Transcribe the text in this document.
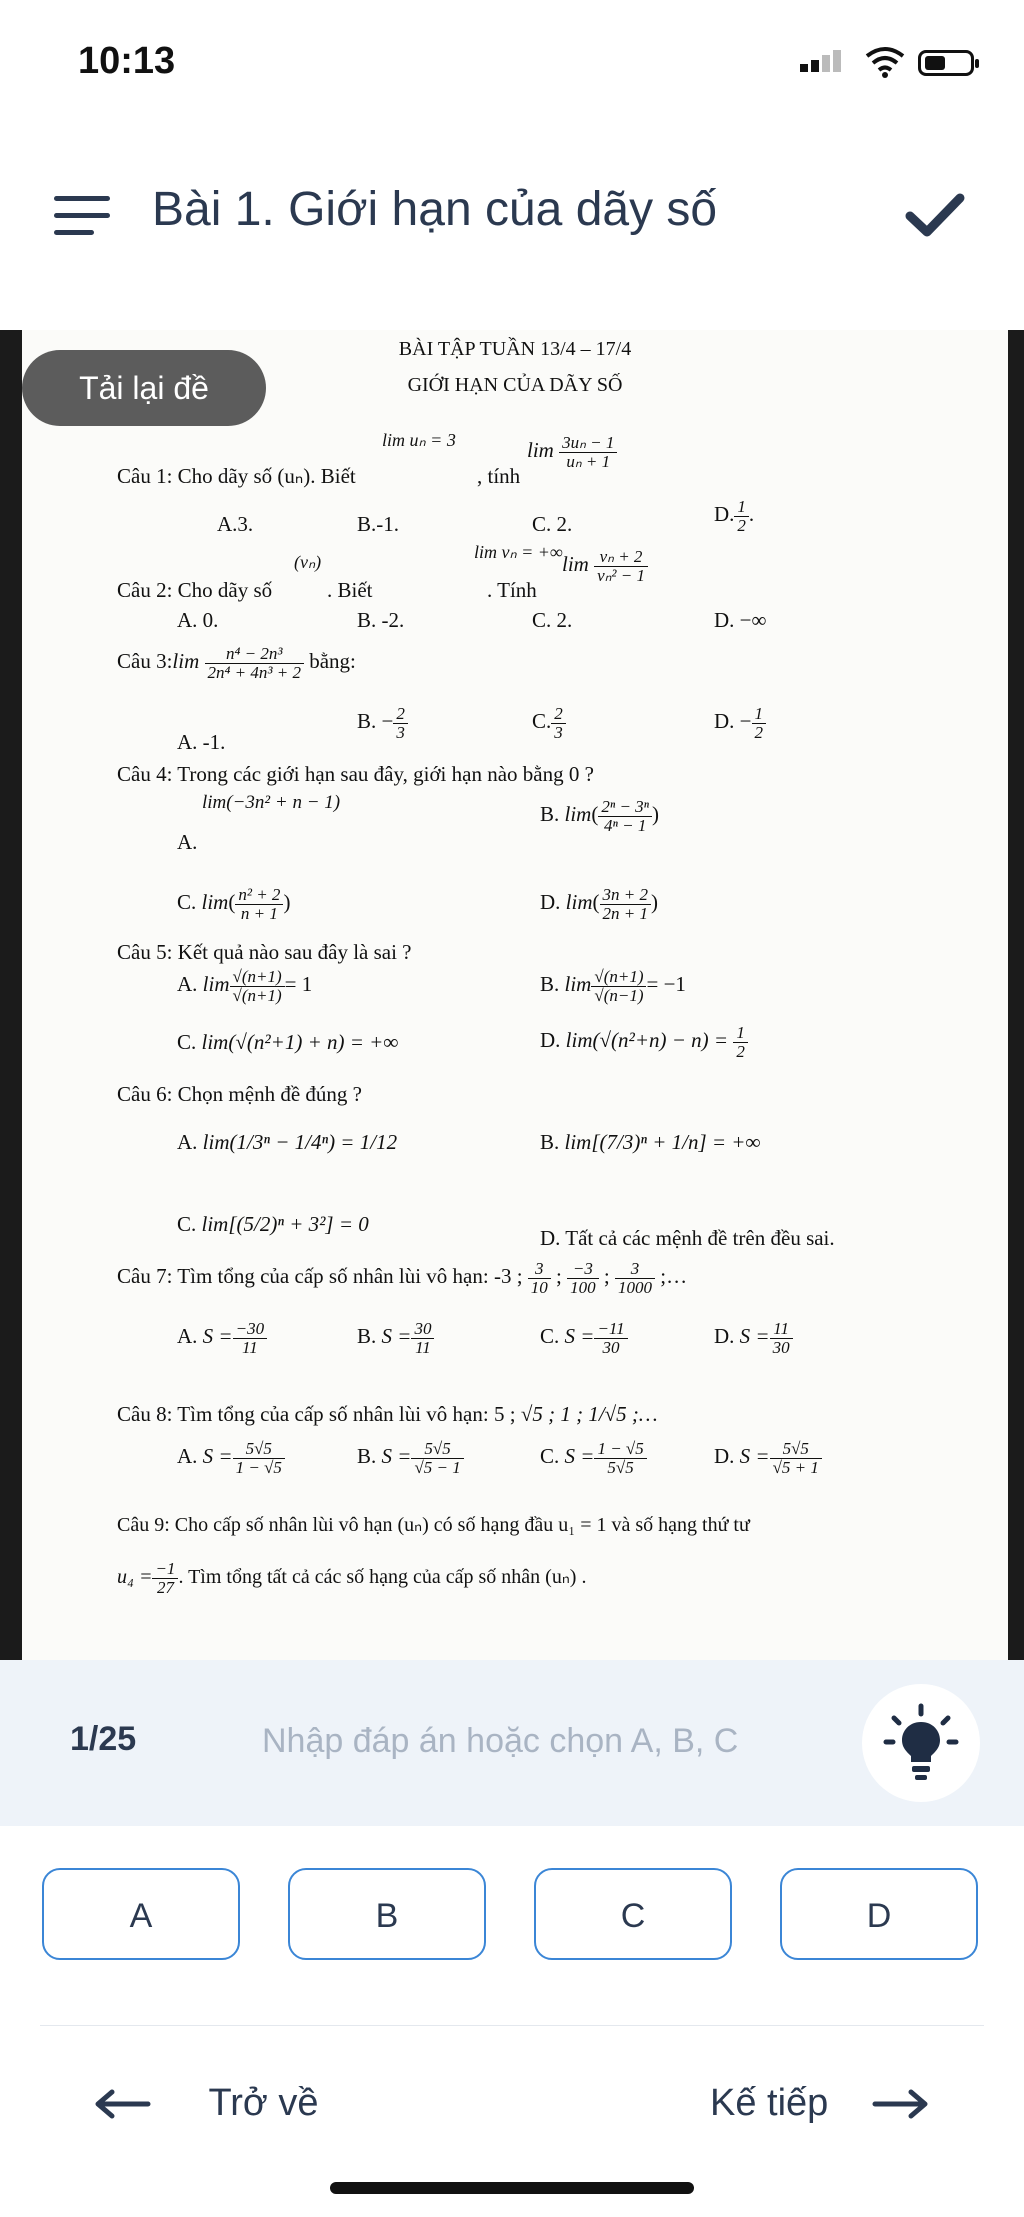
10:13
Bài 1. Giới hạn của dãy số
BÀI TẬP TUẦN 13/4 – 17/4
GIỚI HẠN CỦA DÃY SỐ
lim uₙ = 3
Câu 1: Cho dãy số (uₙ). Biết	, tính
$\lim \frac{\text{3uₙ − 1}}{\text{uₙ + 1}}$
A.3.	B.-1.	C. 2.	D. $\frac{1}{2}$ .
(vₙ)	lim vₙ = +∞
Câu 2: Cho dãy số	. Biết	. Tính
$\lim \frac{\text{vₙ + 2}}{\text{vₙ² − 1}}$
A. 0.	B. -2.	C. 2.	D. −∞
Câu 3:lim $\frac{\text{n⁴ − 2n³}}{\text{2n⁴ + 4n³ + 2}}$ bằng:
A. -1.
B. − $\frac{2}{3}$	C. $\frac{2}{3}$	D. − $\frac{1}{2}$
Câu 4: Trong các giới hạn sau đây, giới hạn nào bằng 0 ?
lim(−3n² + n − 1)
A.
B. $\lim( \frac{\text{2ⁿ − 3ⁿ}}{\text{4ⁿ − 1}}$ )
C. $\lim( \frac{\text{n² + 2}}{n + 1}$ )	D. $\lim( \frac{3n + 2}{2n + 1}$ )
Câu 5: Kết quả nào sau đây là sai ?
A. $\lim \frac{√(n+1)}{√(n+1)} = 1$	B. $\lim \frac{√(n+1)}{√(n-1)} = -1$
C. lim(√(n²+1) + n) = +∞	D. $\lim(√(n^2+n) - n) = \frac{1}{2}$
Câu 6: Chọn mệnh đề đúng ?
A. lim(1/3ⁿ − 1/4ⁿ) = 1/12	B. lim[(7/3)ⁿ + 1/n] = +∞
C. lim[(5/2)ⁿ + 3²] = 0
D. Tất cả các mệnh đề trên đều sai.
Câu 7: Tìm tổng của cấp số nhân lùi vô hạn: -3 ; $\frac{3}{10}$ ; $\frac{-3}{100}$ ; $\frac{3}{1000}$ ;…
A. $S = \frac{-30}{11}$	B. $S = \frac{30}{11}$	C. $S = \frac{-11}{30}$	D. $S = \frac{11}{30}$
Câu 8: Tìm tổng của cấp số nhân lùi vô hạn: 5 ; √5 ; 1 ; 1/√5 ;…
A. $S = \frac{5√5}{1 - √5}$	B. $S = \frac{5√5}{√5 - 1}$	C. $S = \frac{1 - √5}{5√5}$	D. $S = \frac{5√5}{√5 + 1}$
Câu 9: Cho cấp số nhân lùi vô hạn (uₙ) có số hạng đầu u₁ = 1 và số hạng thứ tư
$u_4 = \frac{-1}{27}$ . Tìm tổng tất cả các số hạng của cấp số nhân (uₙ) .
Tải lại đề
1/25
Nhập đáp án hoặc chọn A, B, C
A	B	C	D
Trở về	Kế tiếp
